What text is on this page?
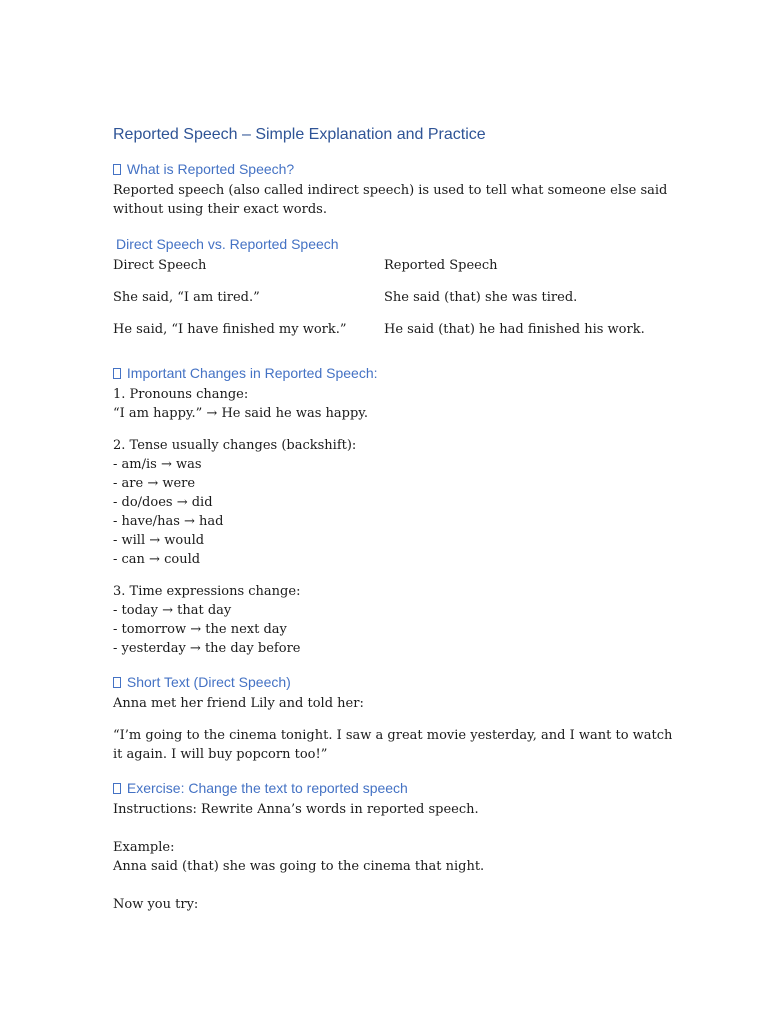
Reported Speech – Simple Explanation and Practice
What is Reported Speech?

Reported speech (also called indirect speech) is used to tell what someone else said without using their exact words.

Direct Speech vs. Reported Speech
Direct Speech	Reported Speech
She said, “I am tired.”	She said (that) she was tired.
He said, “I have finished my work.”	He said (that) he had finished his work.
Important Changes in Reported Speech:
1. Pronouns change:
“I am happy.” → He said he was happy.
2. Tense usually changes (backshift):
- am/is → was
- are → were
- do/does → did
- have/has → had
- will → would
- can → could
3. Time expressions change:
- today → that day
- tomorrow → the next day
- yesterday → the day before
Short Text (Direct Speech)

Anna met her friend Lily and told her:

“I’m going to the cinema tonight. I saw a great movie yesterday, and I want to watch it again. I will buy popcorn too!”

Exercise: Change the text to reported speech

Instructions: Rewrite Anna’s words in reported speech.

Example:

Anna said (that) she was going to the cinema that night.

Now you try:
